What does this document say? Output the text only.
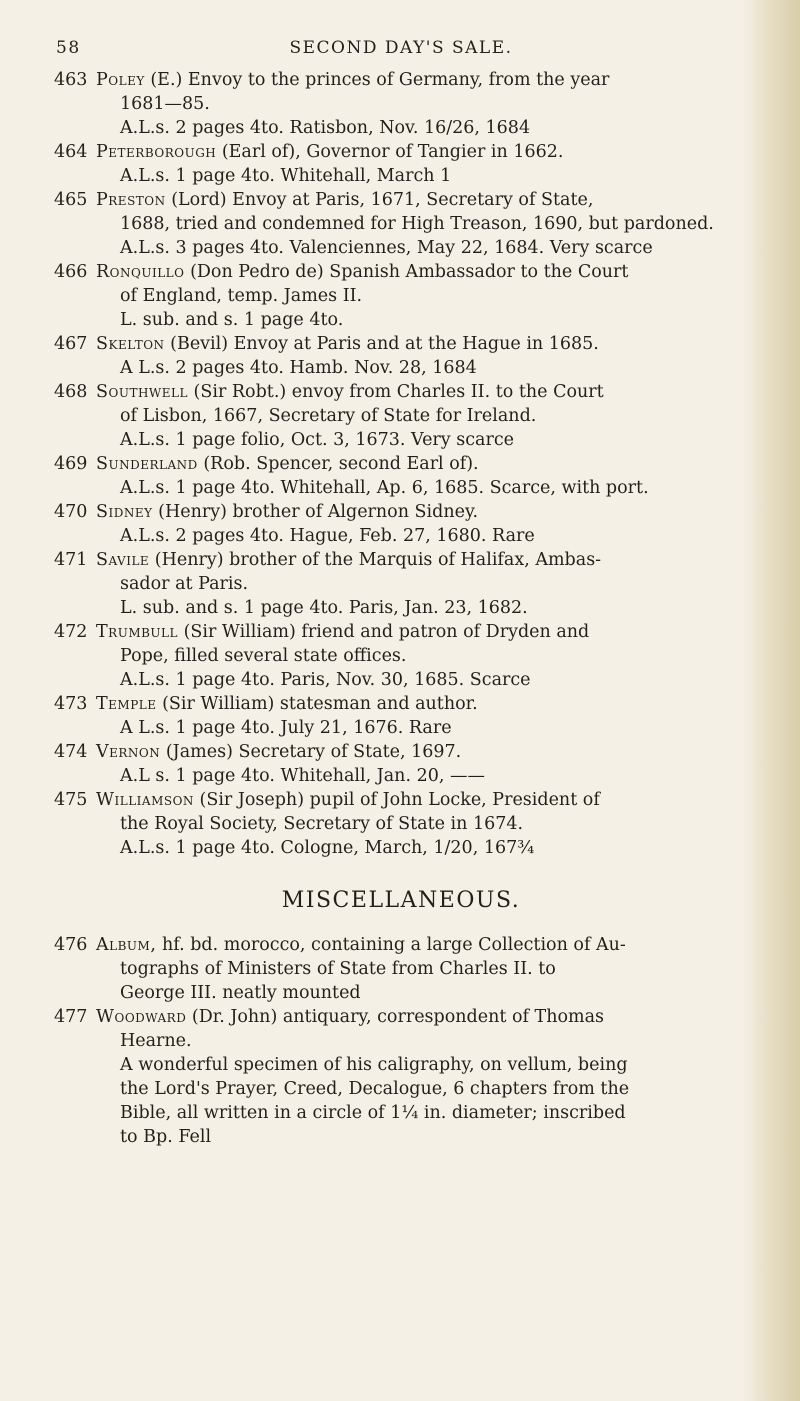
58	SECOND DAY'S SALE.
463 Poley (E.) Envoy to the princes of Germany, from the year
1681—85.
A.L.s. 2 pages 4to. Ratisbon, Nov. 16/26, 1684
464 Peterborough (Earl of), Governor of Tangier in 1662.
A.L.s. 1 page 4to. Whitehall, March 1
465 Preston (Lord) Envoy at Paris, 1671, Secretary of State,
1688, tried and condemned for High Treason, 1690, but pardoned.
A.L.s. 3 pages 4to. Valenciennes, May 22, 1684. Very scarce
466 Ronquillo (Don Pedro de) Spanish Ambassador to the Court
of England, temp. James II.
L. sub. and s. 1 page 4to.
467 Skelton (Bevil) Envoy at Paris and at the Hague in 1685.
A L.s. 2 pages 4to. Hamb. Nov. 28, 1684
468 Southwell (Sir Robt.) envoy from Charles II. to the Court
of Lisbon, 1667, Secretary of State for Ireland.
A.L.s. 1 page folio, Oct. 3, 1673. Very scarce
469 Sunderland (Rob. Spencer, second Earl of).
A.L.s. 1 page 4to. Whitehall, Ap. 6, 1685. Scarce, with port.
470 Sidney (Henry) brother of Algernon Sidney.
A.L.s. 2 pages 4to. Hague, Feb. 27, 1680. Rare
471 Savile (Henry) brother of the Marquis of Halifax, Ambas-
sador at Paris.
L. sub. and s. 1 page 4to. Paris, Jan. 23, 1682.
472 Trumbull (Sir William) friend and patron of Dryden and
Pope, filled several state offices.
A.L.s. 1 page 4to. Paris, Nov. 30, 1685. Scarce
473 Temple (Sir William) statesman and author.
A L.s. 1 page 4to. July 21, 1676. Rare
474 Vernon (James) Secretary of State, 1697.
A.L s. 1 page 4to. Whitehall, Jan. 20, ——
475 Williamson (Sir Joseph) pupil of John Locke, President of
the Royal Society, Secretary of State in 1674.
A.L.s. 1 page 4to. Cologne, March, 1/20, 167¾
MISCELLANEOUS.
476 Album, hf. bd. morocco, containing a large Collection of Au-
tographs of Ministers of State from Charles II. to
George III. neatly mounted
477 Woodward (Dr. John) antiquary, correspondent of Thomas
Hearne.
A wonderful specimen of his caligraphy, on vellum, being
the Lord's Prayer, Creed, Decalogue, 6 chapters from the
Bible, all written in a circle of 1¼ in. diameter; inscribed
to Bp. Fell
